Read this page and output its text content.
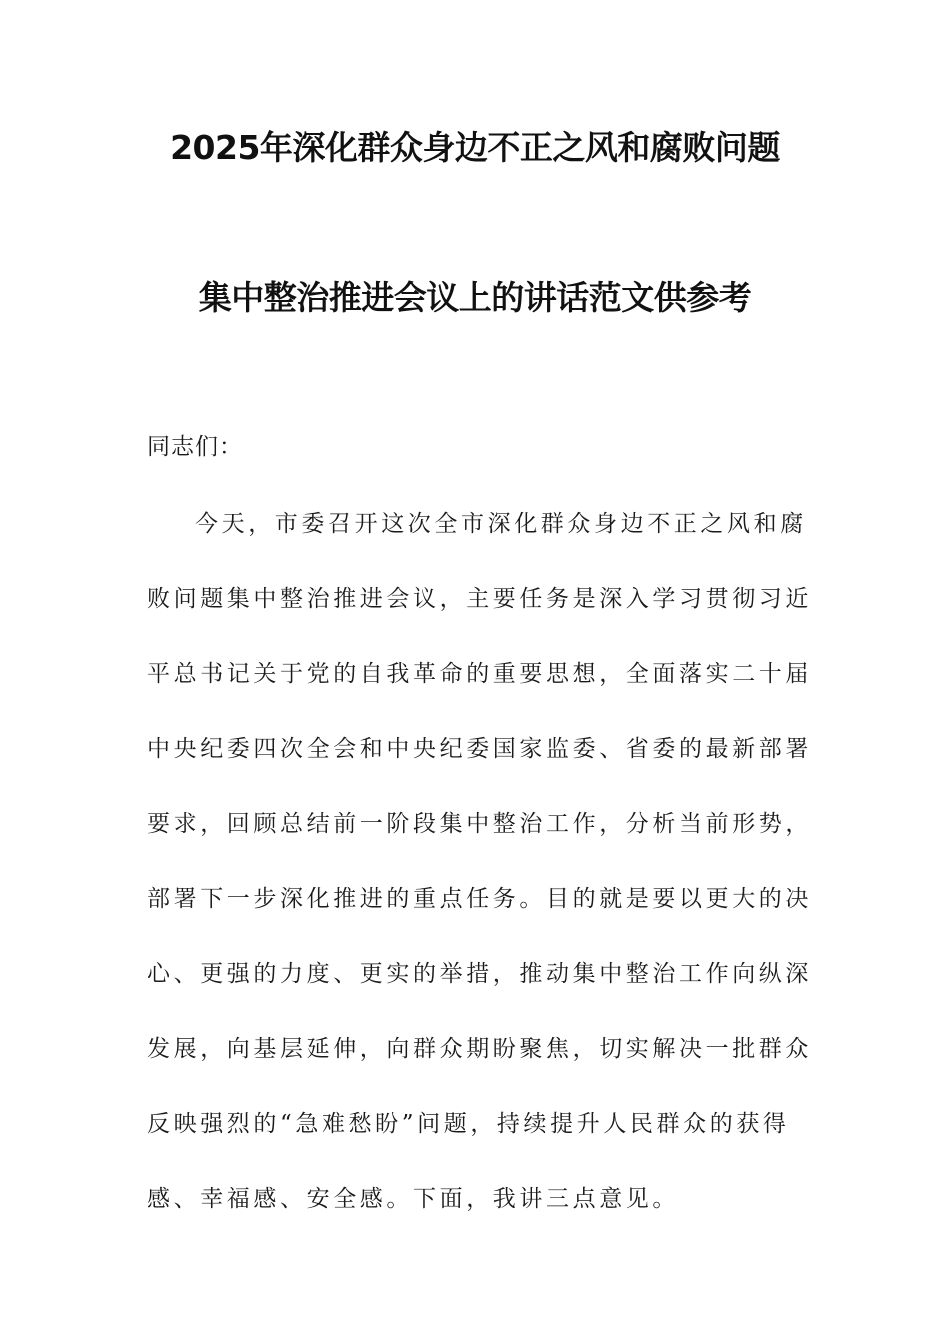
2025年深化群众身边不正之风和腐败问题
集中整治推进会议上的讲话范文供参考
同志们：
今天，市委召开这次全市深化群众身边不正之风和腐
败问题集中整治推进会议，主要任务是深入学习贯彻习近
平总书记关于党的自我革命的重要思想，全面落实二十届
中央纪委四次全会和中央纪委国家监委、省委的最新部署
要求，回顾总结前一阶段集中整治工作，分析当前形势，
部署下一步深化推进的重点任务。目的就是要以更大的决
心、更强的力度、更实的举措，推动集中整治工作向纵深
发展，向基层延伸，向群众期盼聚焦，切实解决一批群众
反映强烈的“急难愁盼”问题，持续提升人民群众的获得
感、幸福感、安全感。下面，我讲三点意见。
